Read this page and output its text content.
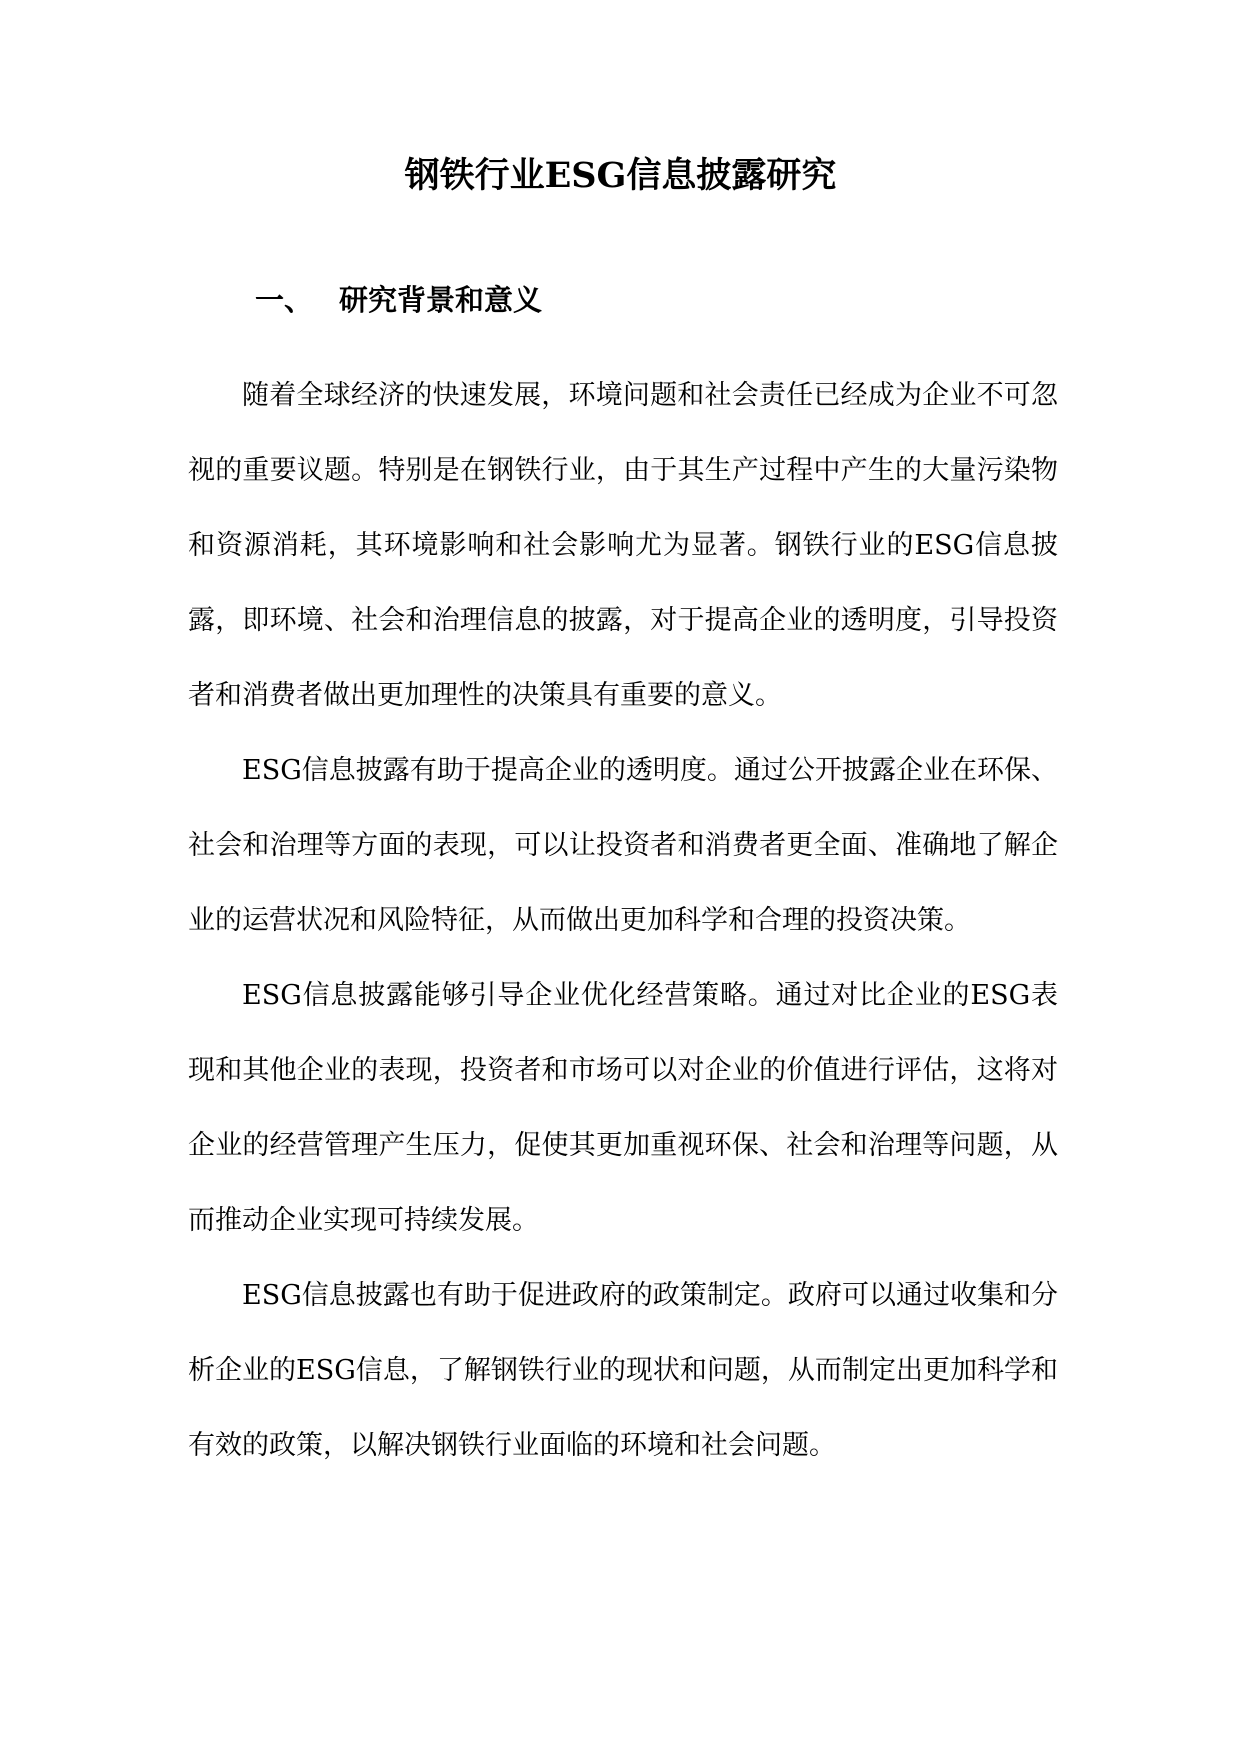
钢铁行业ESG信息披露研究
一、 研究背景和意义

随着全球经济的快速发展，环境问题和社会责任已经成为企业不可忽视的重要议题。特别是在钢铁行业，由于其生产过程中产生的大量污染物和资源消耗，其环境影响和社会影响尤为显著。钢铁行业的ESG信息披露，即环境、社会和治理信息的披露，对于提高企业的透明度，引导投资者和消费者做出更加理性的决策具有重要的意义。

ESG信息披露有助于提高企业的透明度。通过公开披露企业在环保、社会和治理等方面的表现，可以让投资者和消费者更全面、准确地了解企业的运营状况和风险特征，从而做出更加科学和合理的投资决策。

ESG信息披露能够引导企业优化经营策略。通过对比企业的ESG表现和其他企业的表现，投资者和市场可以对企业的价值进行评估，这将对企业的经营管理产生压力，促使其更加重视环保、社会和治理等问题，从而推动企业实现可持续发展。

ESG信息披露也有助于促进政府的政策制定。政府可以通过收集和分析企业的ESG信息，了解钢铁行业的现状和问题，从而制定出更加科学和有效的政策，以解决钢铁行业面临的环境和社会问题。
